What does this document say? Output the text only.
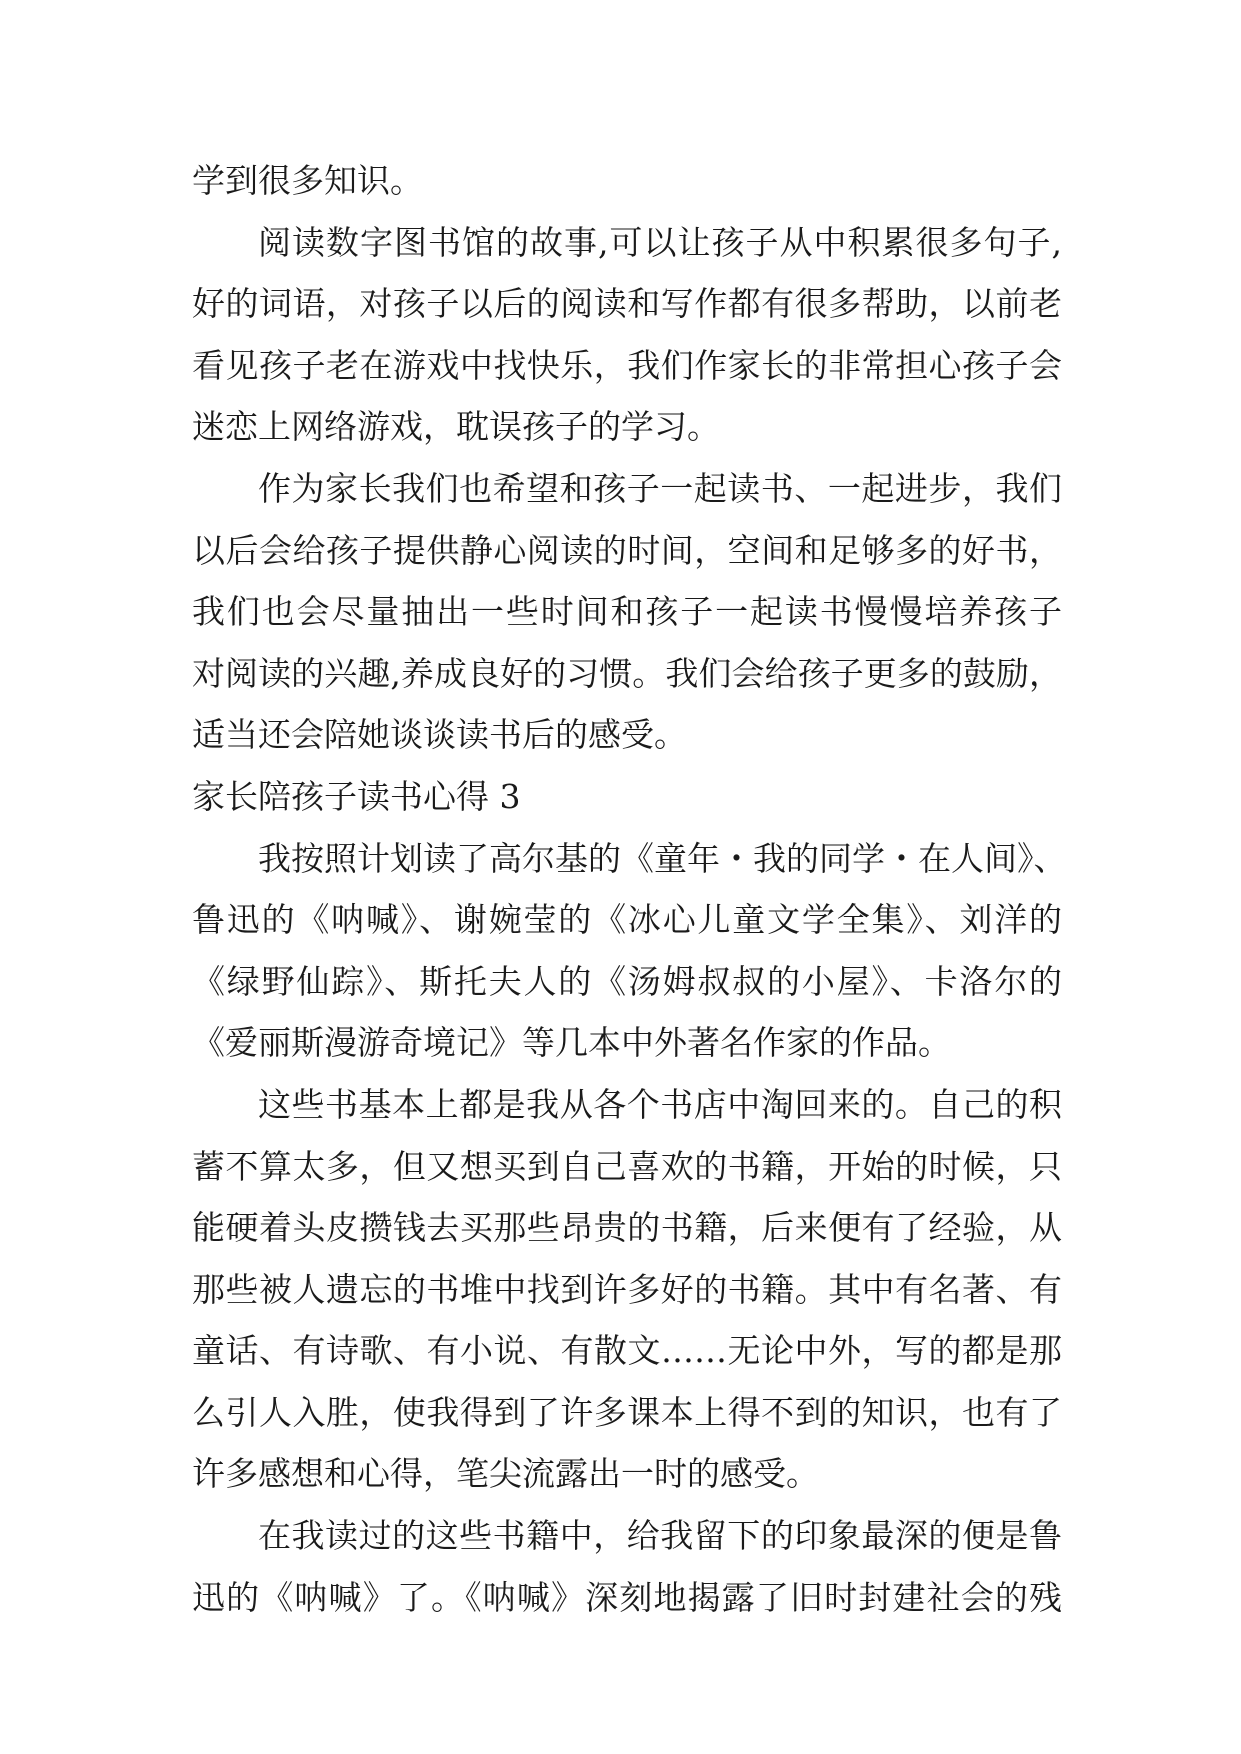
学到很多知识。
阅读数字图书馆的故事,可以让孩子从中积累很多句子,
好的词语，对孩子以后的阅读和写作都有很多帮助，以前老
看见孩子老在游戏中找快乐，我们作家长的非常担心孩子会
迷恋上网络游戏，耽误孩子的学习。
作为家长我们也希望和孩子一起读书、一起进步，我们
以后会给孩子提供静心阅读的时间，空间和足够多的好书，
我们也会尽量抽出一些时间和孩子一起读书慢慢培养孩子
对阅读的兴趣,养成良好的习惯。我们会给孩子更多的鼓励，
适当还会陪她谈谈读书后的感受。
家长陪孩子读书心得 3
我按照计划读了高尔基的《童年・我的同学・在人间》、
鲁迅的《呐喊》、谢婉莹的《冰心儿童文学全集》、刘洋的
《绿野仙踪》、斯托夫人的《汤姆叔叔的小屋》、卡洛尔的
《爱丽斯漫游奇境记》等几本中外著名作家的作品。
这些书基本上都是我从各个书店中淘回来的。自己的积
蓄不算太多，但又想买到自己喜欢的书籍，开始的时候，只
能硬着头皮攒钱去买那些昂贵的书籍，后来便有了经验，从
那些被人遗忘的书堆中找到许多好的书籍。其中有名著、有
童话、有诗歌、有小说、有散文……无论中外，写的都是那
么引人入胜，使我得到了许多课本上得不到的知识，也有了
许多感想和心得，笔尖流露出一时的感受。
在我读过的这些书籍中，给我留下的印象最深的便是鲁
迅的《呐喊》了。《呐喊》深刻地揭露了旧时封建社会的残
